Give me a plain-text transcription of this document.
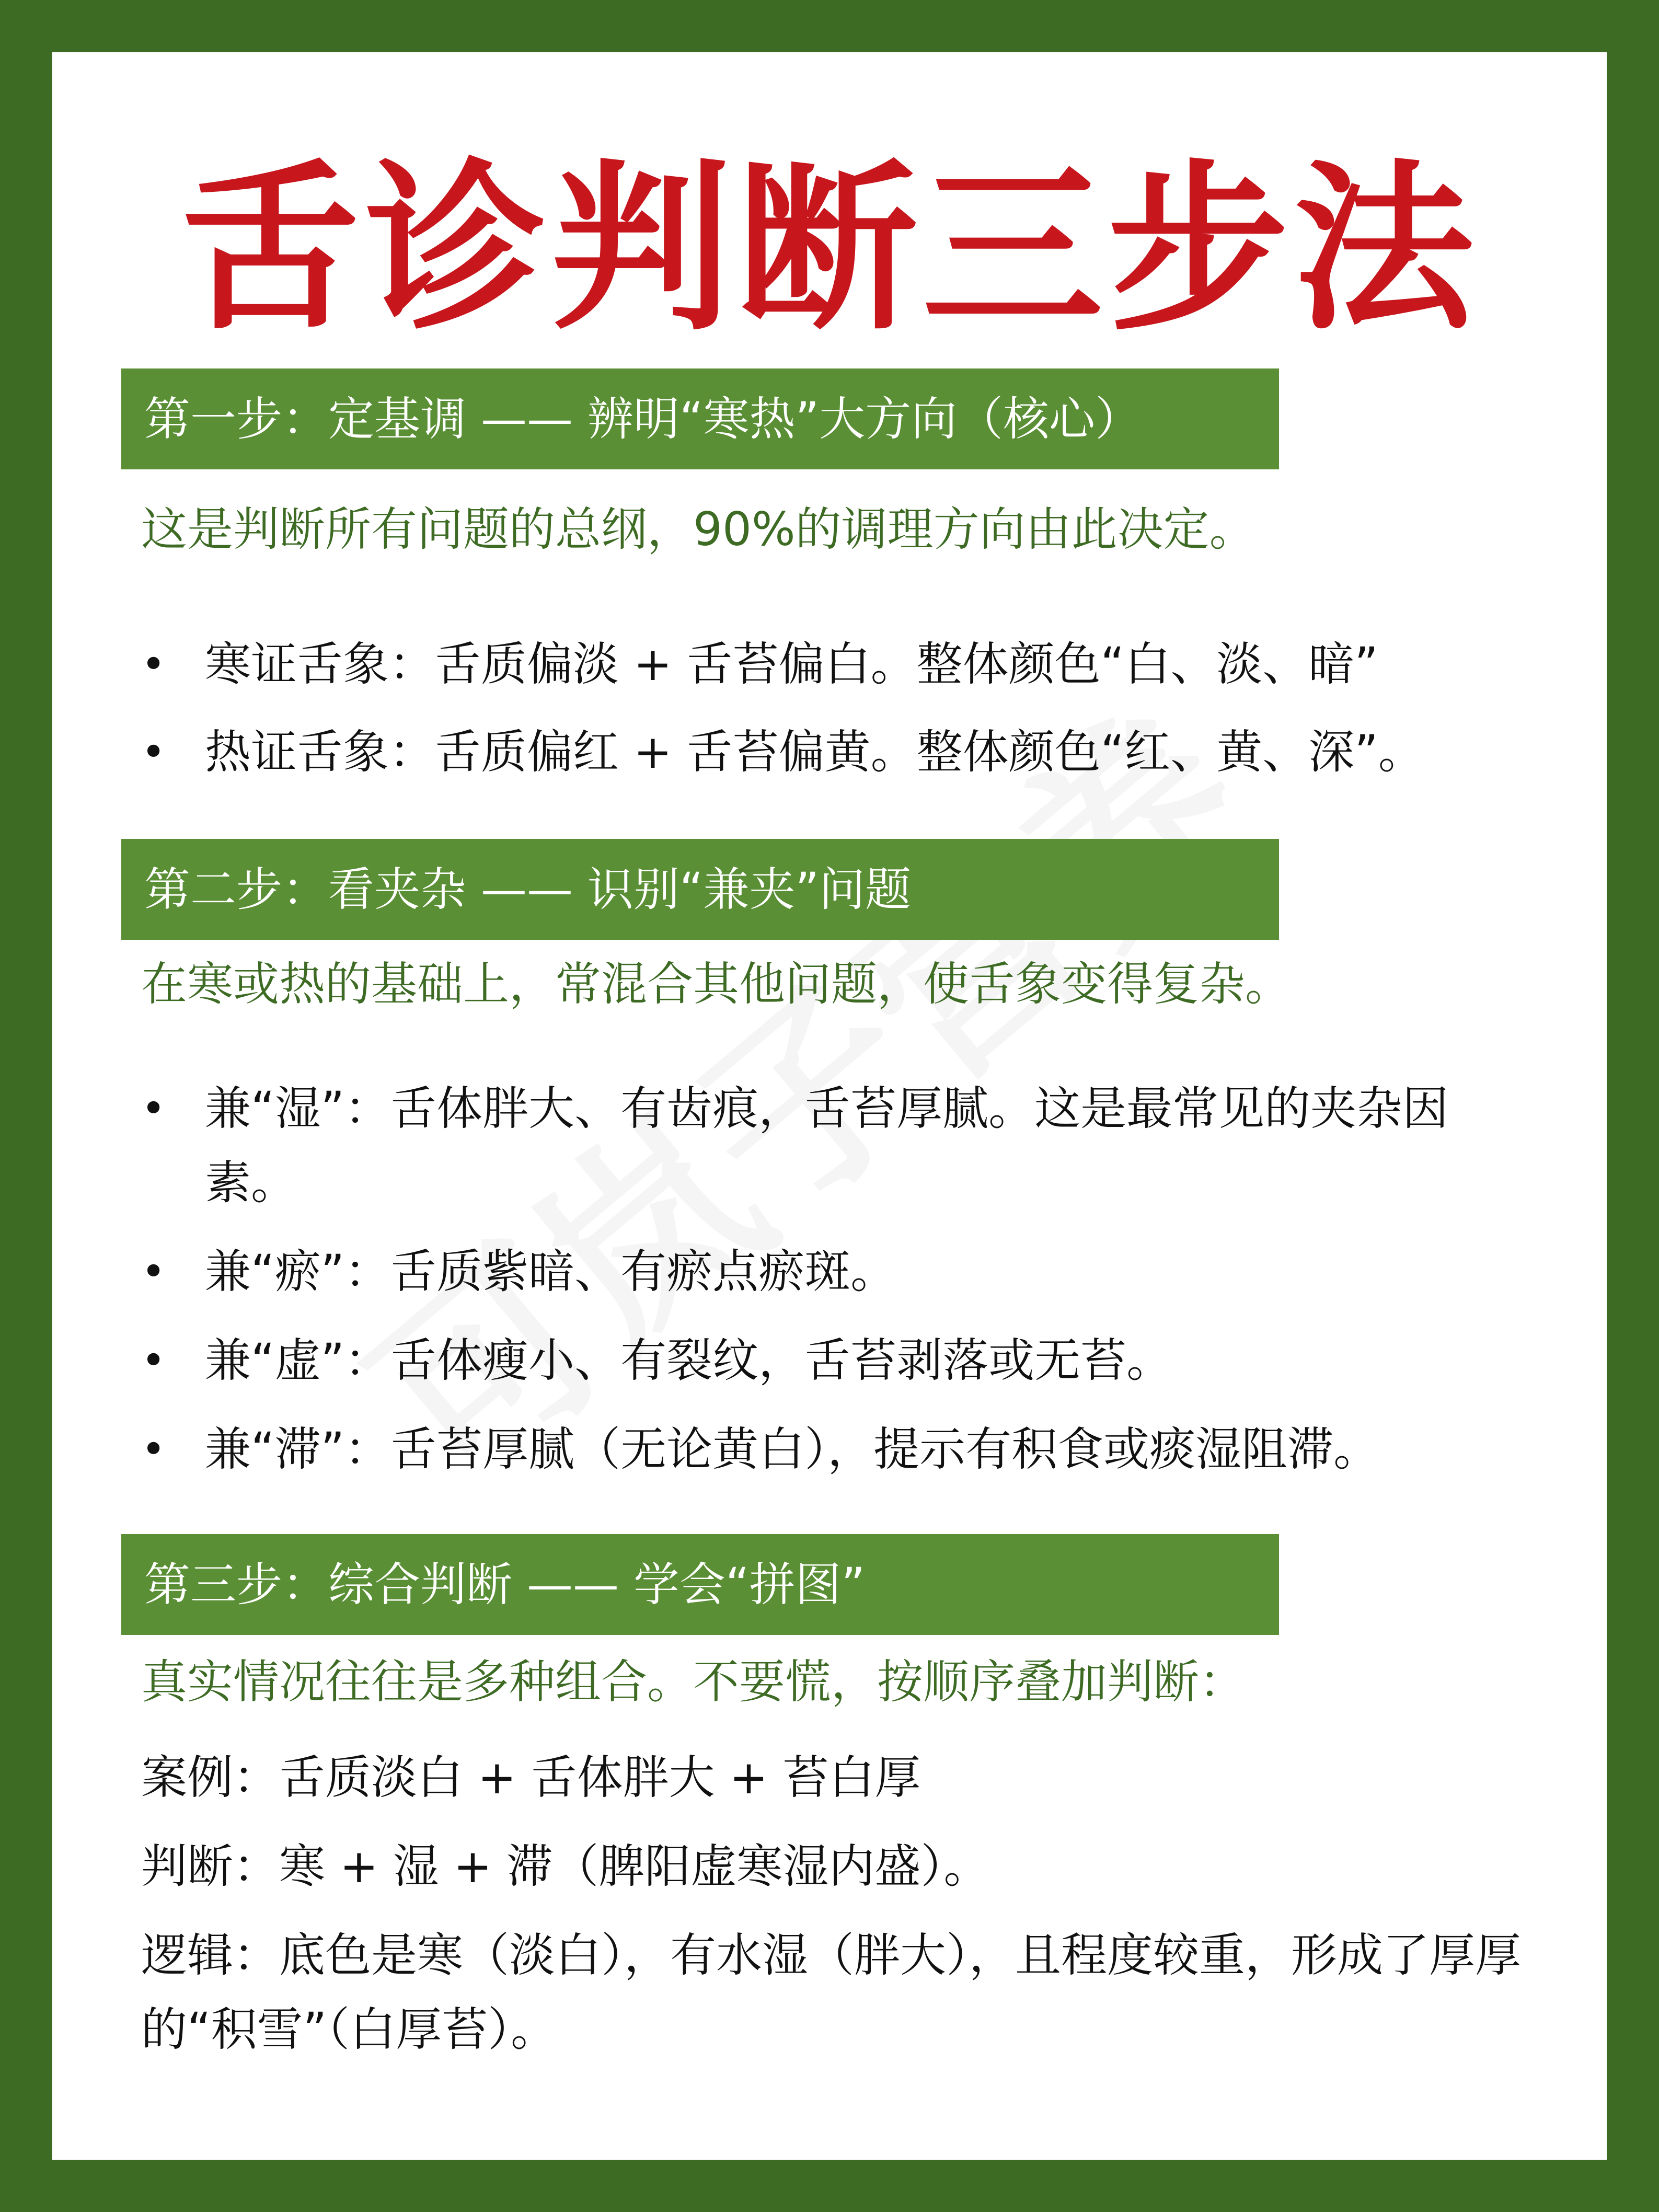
舌诊判断三步法
第一步：定基调 —— 辨明“寒热”大方向（核心）
这是判断所有问题的总纲，90%的调理方向由此决定。
• 寒证舌象：舌质偏淡 + 舌苔偏白。整体颜色“白、淡、暗”
• 热证舌象：舌质偏红 + 舌苔偏黄。整体颜色“红、黄、深”。
第二步：看夹杂 —— 识别“兼夹”问题
在寒或热的基础上，常混合其他问题，使舌象变得复杂。
• 兼“湿”：舌体胖大、有齿痕，舌苔厚腻。这是最常见的夹杂因素。
• 兼“瘀”：舌质紫暗、有瘀点瘀斑。
• 兼“虚”：舌体瘦小、有裂纹，舌苔剥落或无苔。
• 兼“滞”：舌苔厚腻（无论黄白），提示有积食或痰湿阻滞。
第三步：综合判断 —— 学会“拼图”
真实情况往往是多种组合。不要慌，按顺序叠加判断：
案例：舌质淡白 + 舌体胖大 + 苔白厚
判断：寒 + 湿 + 滞（脾阳虚寒湿内盛）。
逻辑：底色是寒（淡白），有水湿（胖大），且程度较重，形成了厚厚的“积雪”（白厚苔）。
